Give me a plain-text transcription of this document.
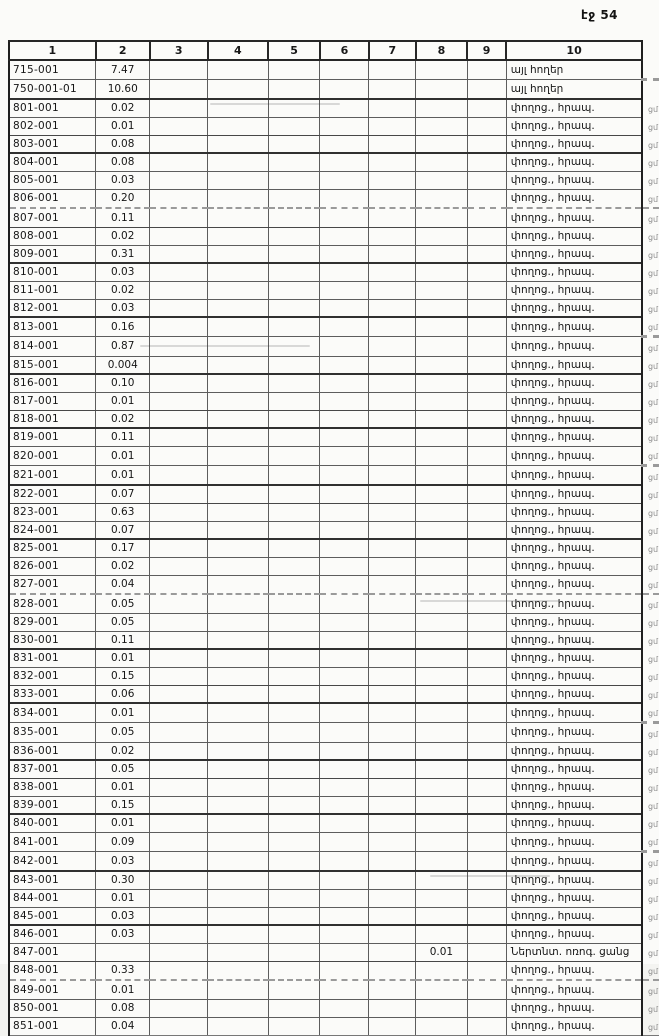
էջ 54
1	2	3	4	5	6	7	8	9	10	
715-001	7.47								այլ հողեր	
750-001-01	10.60								այլ հողեր	
801-001	0.02								փողոց., հրապ.	ցմ
802-001	0.01								փողոց., հրապ.	ցմ
803-001	0.08								փողոց., հրապ.	ցմ
804-001	0.08								փողոց., հրապ.	ցմ
805-001	0.03								փողոց., հրապ.	ցմ
806-001	0.20								փողոց., հրապ.	ցմ
807-001	0.11								փողոց., հրապ.	ցմ
808-001	0.02								փողոց., հրապ.	ցմ
809-001	0.31								փողոց., հրապ.	ցմ
810-001	0.03								փողոց., հրապ.	ցմ
811-001	0.02								փողոց., հրապ.	ցմ
812-001	0.03								փողոց., հրապ.	ցմ
813-001	0.16								փողոց., հրապ.	ցմ
814-001	0.87								փողոց., հրապ.	ցմ
815-001	0.004								փողոց., հրապ.	ցմ
816-001	0.10								փողոց., հրապ.	ցմ
817-001	0.01								փողոց., հրապ.	ցմ
818-001	0.02								փողոց., հրապ.	ցմ
819-001	0.11								փողոց., հրապ.	ցմ
820-001	0.01								փողոց., հրապ.	ցմ
821-001	0.01								փողոց., հրապ.	ցմ
822-001	0.07								փողոց., հրապ.	ցմ
823-001	0.63								փողոց., հրապ.	ցմ
824-001	0.07								փողոց., հրապ.	ցմ
825-001	0.17								փողոց., հրապ.	ցմ
826-001	0.02								փողոց., հրապ.	ցմ
827-001	0.04								փողոց., հրապ.	ցմ
828-001	0.05								փողոց., հրապ.	ցմ
829-001	0.05								փողոց., հրապ.	ցմ
830-001	0.11								փողոց., հրապ.	ցմ
831-001	0.01								փողոց., հրապ.	ցմ
832-001	0.15								փողոց., հրապ.	ցմ
833-001	0.06								փողոց., հրապ.	ցմ
834-001	0.01								փողոց., հրապ.	ցմ
835-001	0.05								փողոց., հրապ.	ցմ
836-001	0.02								փողոց., հրապ.	ցմ
837-001	0.05								փողոց., հրապ.	ցմ
838-001	0.01								փողոց., հրապ.	ցմ
839-001	0.15								փողոց., հրապ.	ցմ
840-001	0.01								փողոց., հրապ.	ցմ
841-001	0.09								փողոց., հրապ.	ցմ
842-001	0.03								փողոց., հրապ.	ցմ
843-001	0.30								փողոց., հրապ.	ցմ
844-001	0.01								փողոց., հրապ.	ցմ
845-001	0.03								փողոց., հրապ.	ցմ
846-001	0.03								փողոց., հրապ.	ցմ
847-001							0.01		Ներտնտ. ոռոգ. ցանց	ցմ
848-001	0.33								փողոց., հրապ.	ցմ
849-001	0.01								փողոց., հրապ.	ցմ
850-001	0.08								փողոց., հրապ.	ցմ
851-001	0.04								փողոց., հրապ.	ցմ
